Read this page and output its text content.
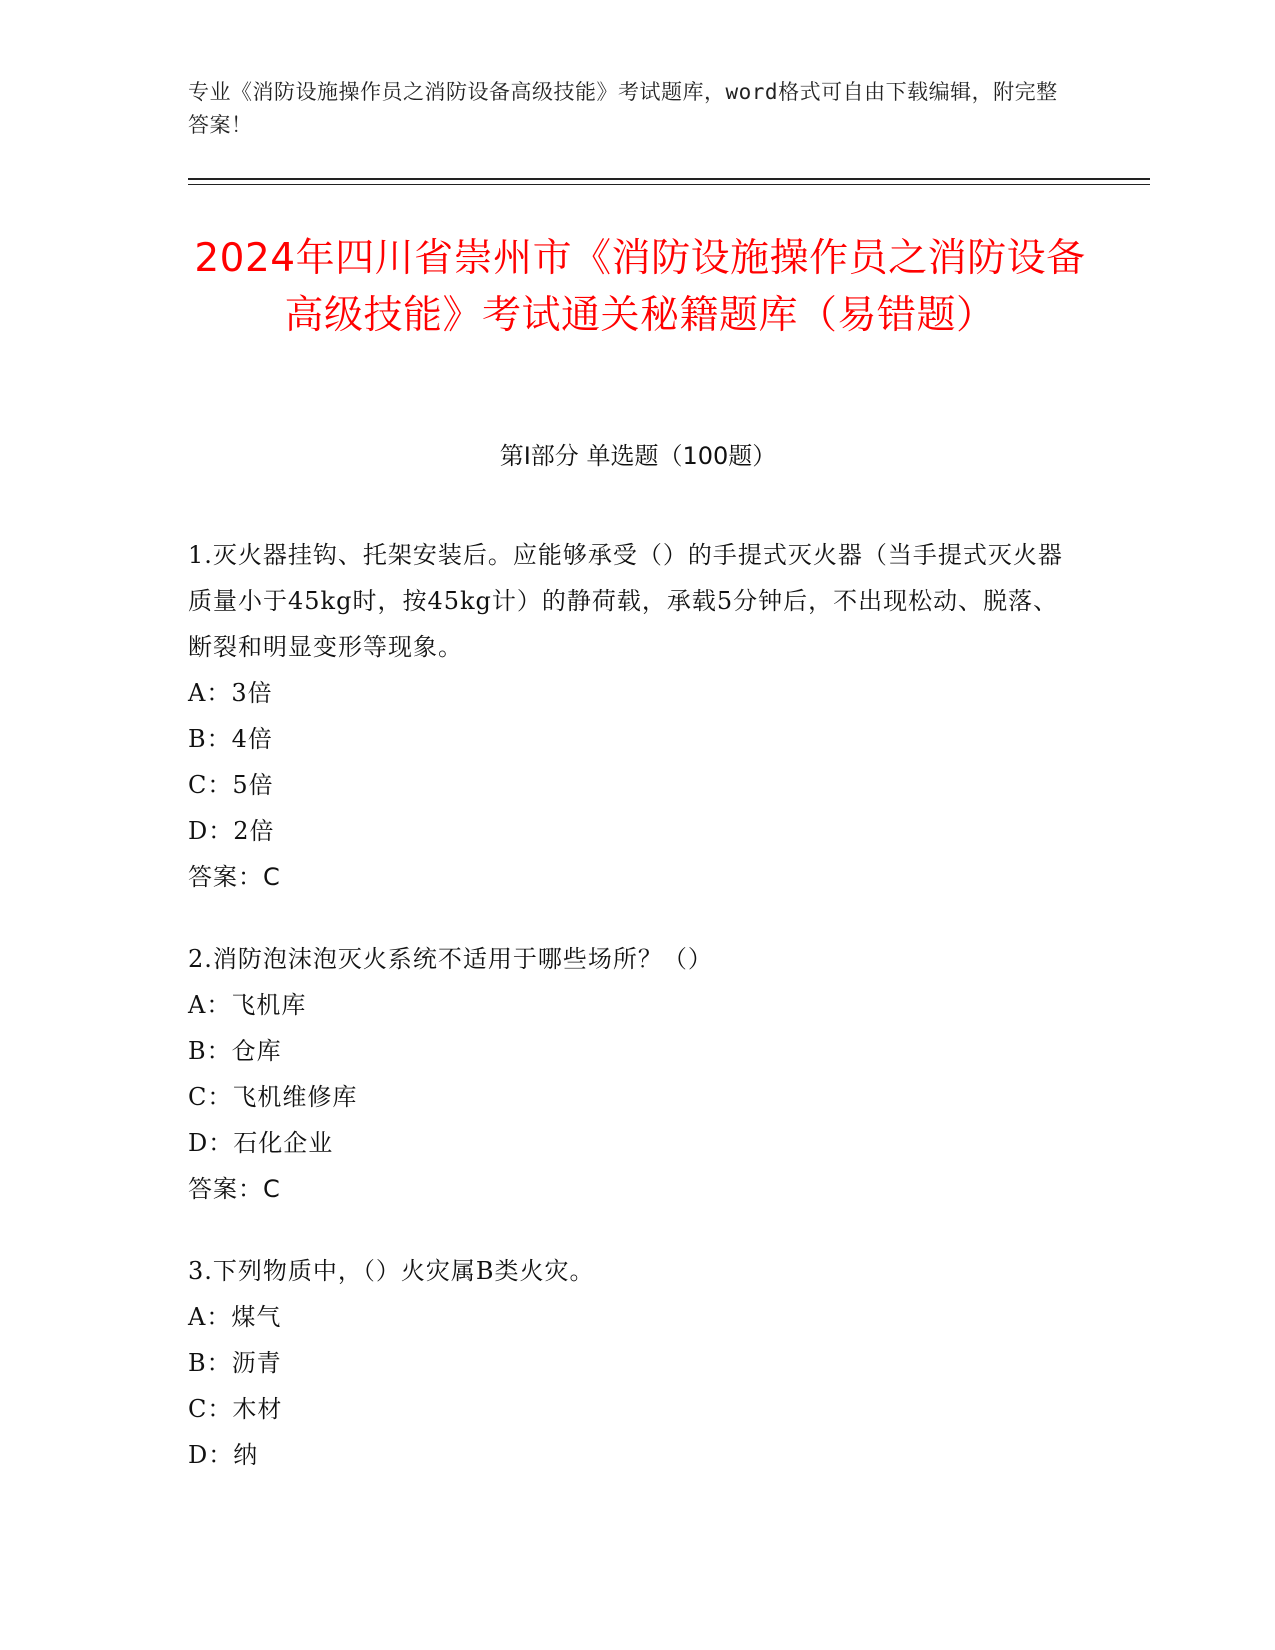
专业《消防设施操作员之消防设备高级技能》考试题库，word格式可自由下载编辑，附完整答案！
2024年四川省崇州市《消防设施操作员之消防设备高级技能》考试通关秘籍题库（易错题）
第Ⅰ部分 单选题（100题）

1.灭火器挂钩、托架安装后。应能够承受（）的手提式灭火器（当手提式灭火器质量小于45kg时，按45kg计）的静荷载，承载5分钟后，不出现松动、脱落、断裂和明显变形等现象。

A：3倍

B：4倍

C：5倍

D：2倍

答案：C

2.消防泡沫泡灭火系统不适用于哪些场所？（）

A：飞机库

B：仓库

C：飞机维修库

D：石化企业

答案：C

3.下列物质中，（）火灾属B类火灾。

A：煤气

B：沥青

C：木材

D：纳
